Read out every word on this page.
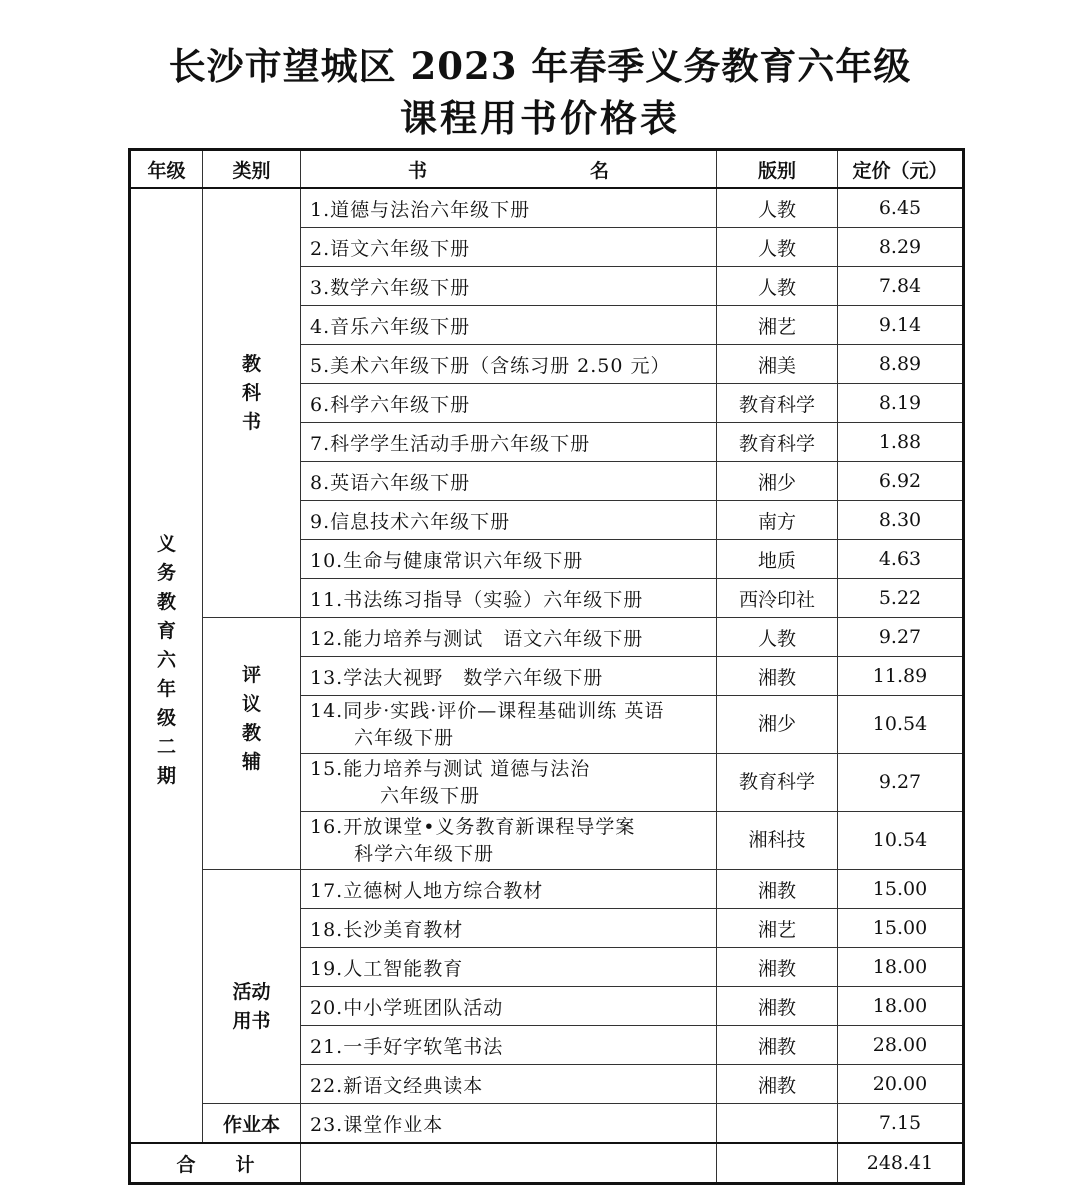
长沙市望城区 2023 年春季义务教育六年级
课程用书价格表
年级	类别	书 名	版别	定价（元）

义务教育六年级二期	教科书	1.道德与法治六年级下册	人教	6.45
		2.语文六年级下册	人教	8.29
		3.数学六年级下册	人教	7.84
		4.音乐六年级下册	湘艺	9.14
		5.美术六年级下册（含练习册 2.50 元）	湘美	8.89
		6.科学六年级下册	教育科学	8.19
		7.科学学生活动手册六年级下册	教育科学	1.88
		8.英语六年级下册	湘少	6.92
		9.信息技术六年级下册	南方	8.30
		10.生命与健康常识六年级下册	地质	4.63
		11.书法练习指导（实验）六年级下册	西泠印社	5.22

	评议教辅	12.能力培养与测试　语文六年级下册	人教	9.27
		13.学法大视野　数学六年级下册	湘教	11.89
		14.同步·实践·评价—课程基础训练 英语
六年级下册	湘少	10.54
		15.能力培养与测试 道德与法治
六年级下册	教育科学	9.27
		16.开放课堂•义务教育新课程导学案
科学六年级下册	湘科技	10.54

	活动
用书	17.立德树人地方综合教材	湘教	15.00
		18.长沙美育教材	湘艺	15.00
		19.人工智能教育	湘教	18.00
		20.中小学班团队活动	湘教	18.00
		21.一手好字软笔书法	湘教	28.00
		22.新语文经典读本	湘教	20.00
	作业本	23.课堂作业本		7.15
合 计				248.41
